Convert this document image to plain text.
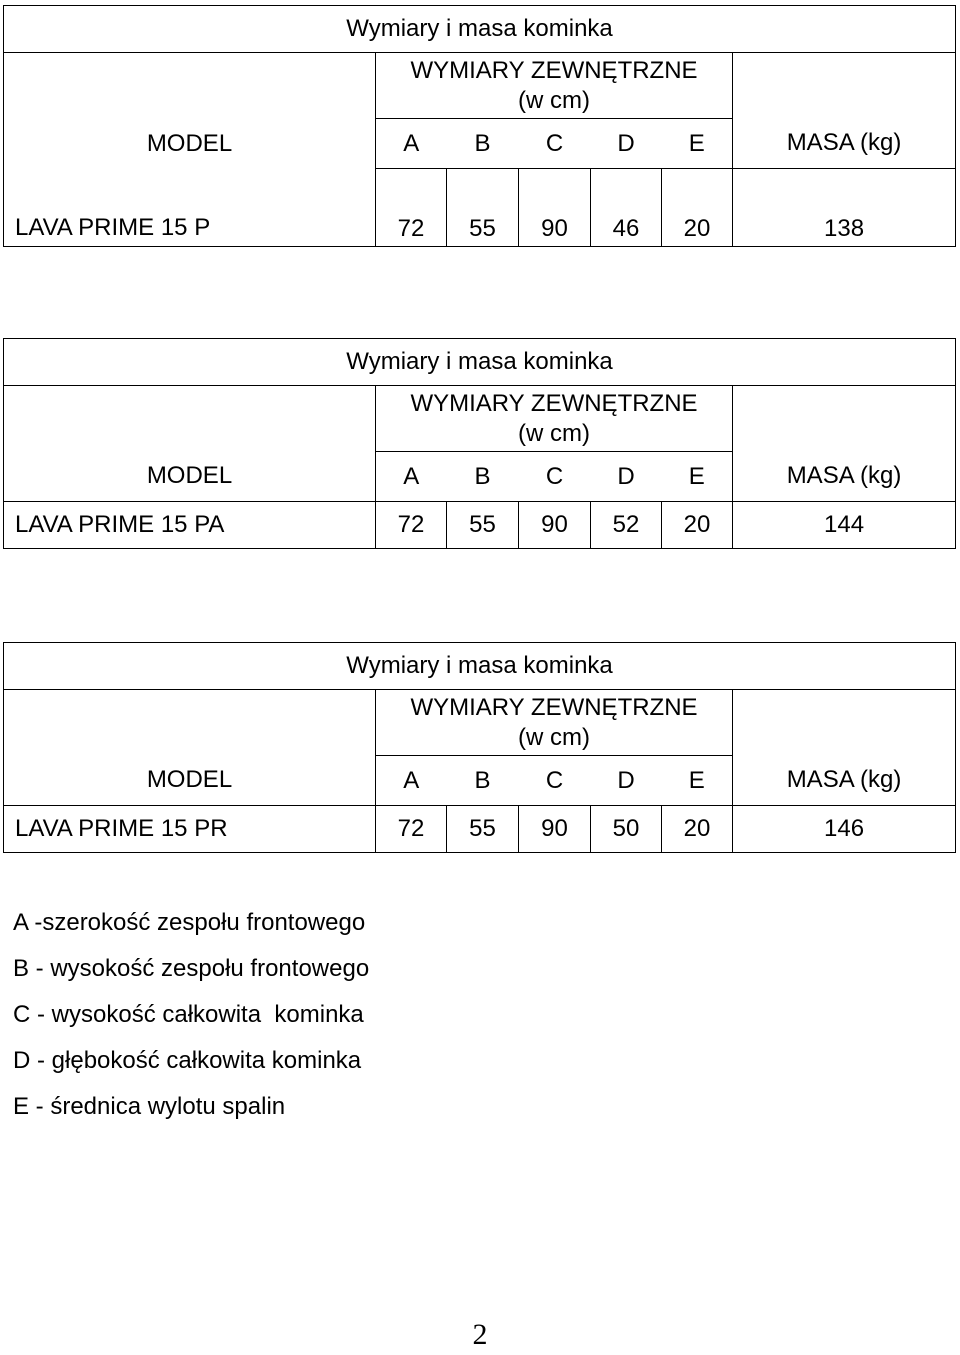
Wymiary i masa kominka						

	WYMIARY ZEWNĘTRZNE
(w cm)					

MODEL	A	B	C	D	E	MASA (kg)
LAVA PRIME 15 P	72	55	90	46	20	138
Wymiary i masa kominka						

	WYMIARY ZEWNĘTRZNE
(w cm)					

MODEL	A	B	C	D	E	MASA (kg)
LAVA PRIME 15 PA	72	55	90	52	20	144
Wymiary i masa kominka						

	WYMIARY ZEWNĘTRZNE
(w cm)					

MODEL	A	B	C	D	E	MASA (kg)
LAVA PRIME 15 PR	72	55	90	50	20	146
A -szerokość zespołu frontowego
B - wysokość zespołu frontowego
C - wysokość całkowita  kominka
D - głębokość całkowita kominka
E - średnica wylotu spalin
2
